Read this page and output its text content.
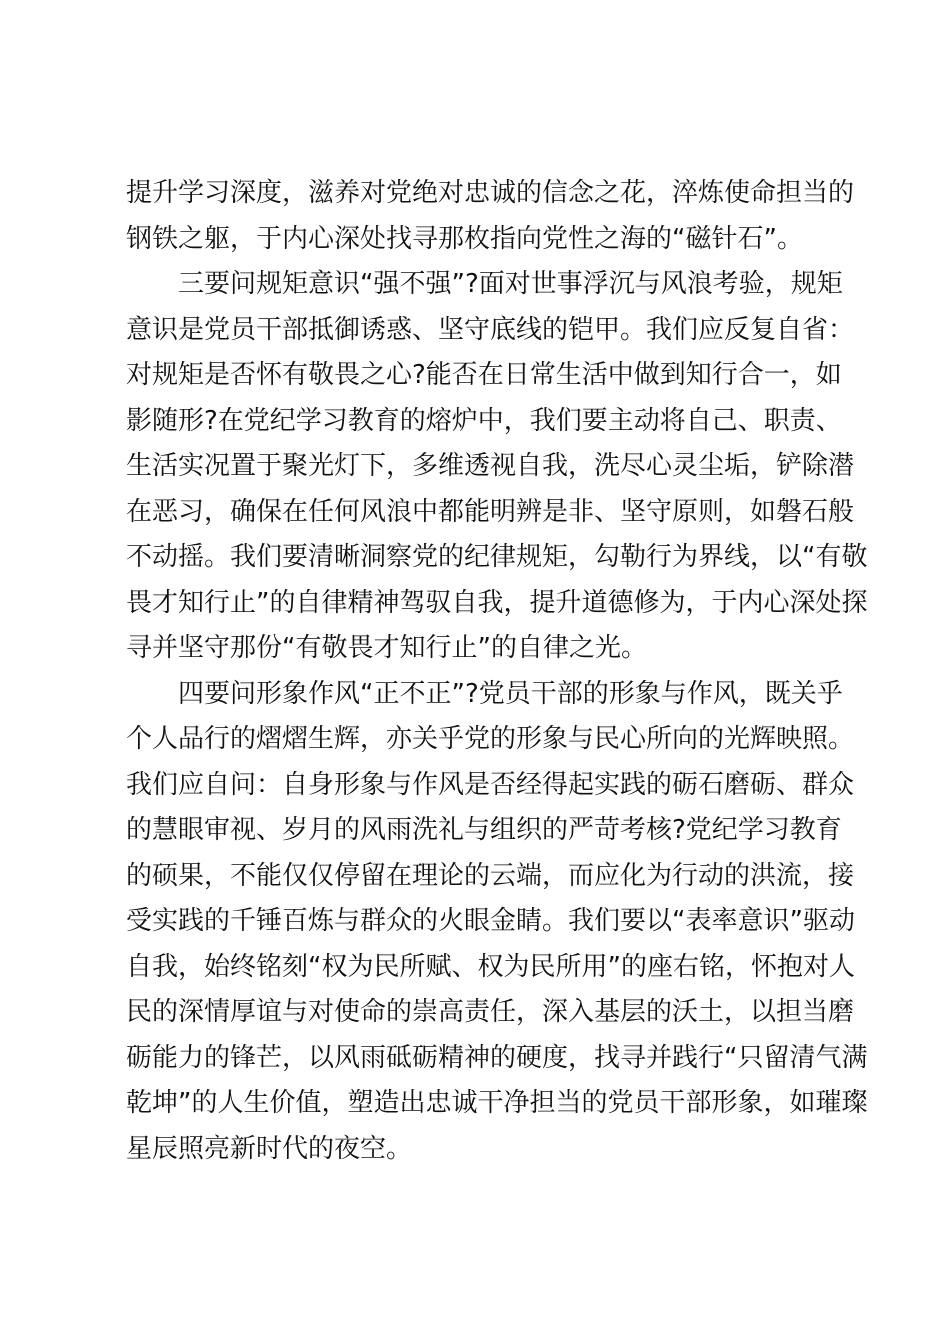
提升学习深度，滋养对党绝对忠诚的信念之花，淬炼使命担当的
钢铁之躯，于内心深处找寻那枚指向党性之海的“磁针石”。
三要问规矩意识“强不强”?面对世事浮沉与风浪考验，规矩
意识是党员干部抵御诱惑、坚守底线的铠甲。我们应反复自省：
对规矩是否怀有敬畏之心?能否在日常生活中做到知行合一，如
影随形?在党纪学习教育的熔炉中，我们要主动将自己、职责、
生活实况置于聚光灯下，多维透视自我，洗尽心灵尘垢，铲除潜
在恶习，确保在任何风浪中都能明辨是非、坚守原则，如磐石般
不动摇。我们要清晰洞察党的纪律规矩，勾勒行为界线，以“有敬
畏才知行止”的自律精神驾驭自我，提升道德修为，于内心深处探
寻并坚守那份“有敬畏才知行止”的自律之光。
四要问形象作风“正不正”?党员干部的形象与作风，既关乎
个人品行的熠熠生辉，亦关乎党的形象与民心所向的光辉映照。
我们应自问：自身形象与作风是否经得起实践的砺石磨砺、群众
的慧眼审视、岁月的风雨洗礼与组织的严苛考核?党纪学习教育
的硕果，不能仅仅停留在理论的云端，而应化为行动的洪流，接
受实践的千锤百炼与群众的火眼金睛。我们要以“表率意识”驱动
自我，始终铭刻“权为民所赋、权为民所用”的座右铭，怀抱对人
民的深情厚谊与对使命的崇高责任，深入基层的沃土，以担当磨
砺能力的锋芒，以风雨砥砺精神的硬度，找寻并践行“只留清气满
乾坤”的人生价值，塑造出忠诚干净担当的党员干部形象，如璀璨
星辰照亮新时代的夜空。
